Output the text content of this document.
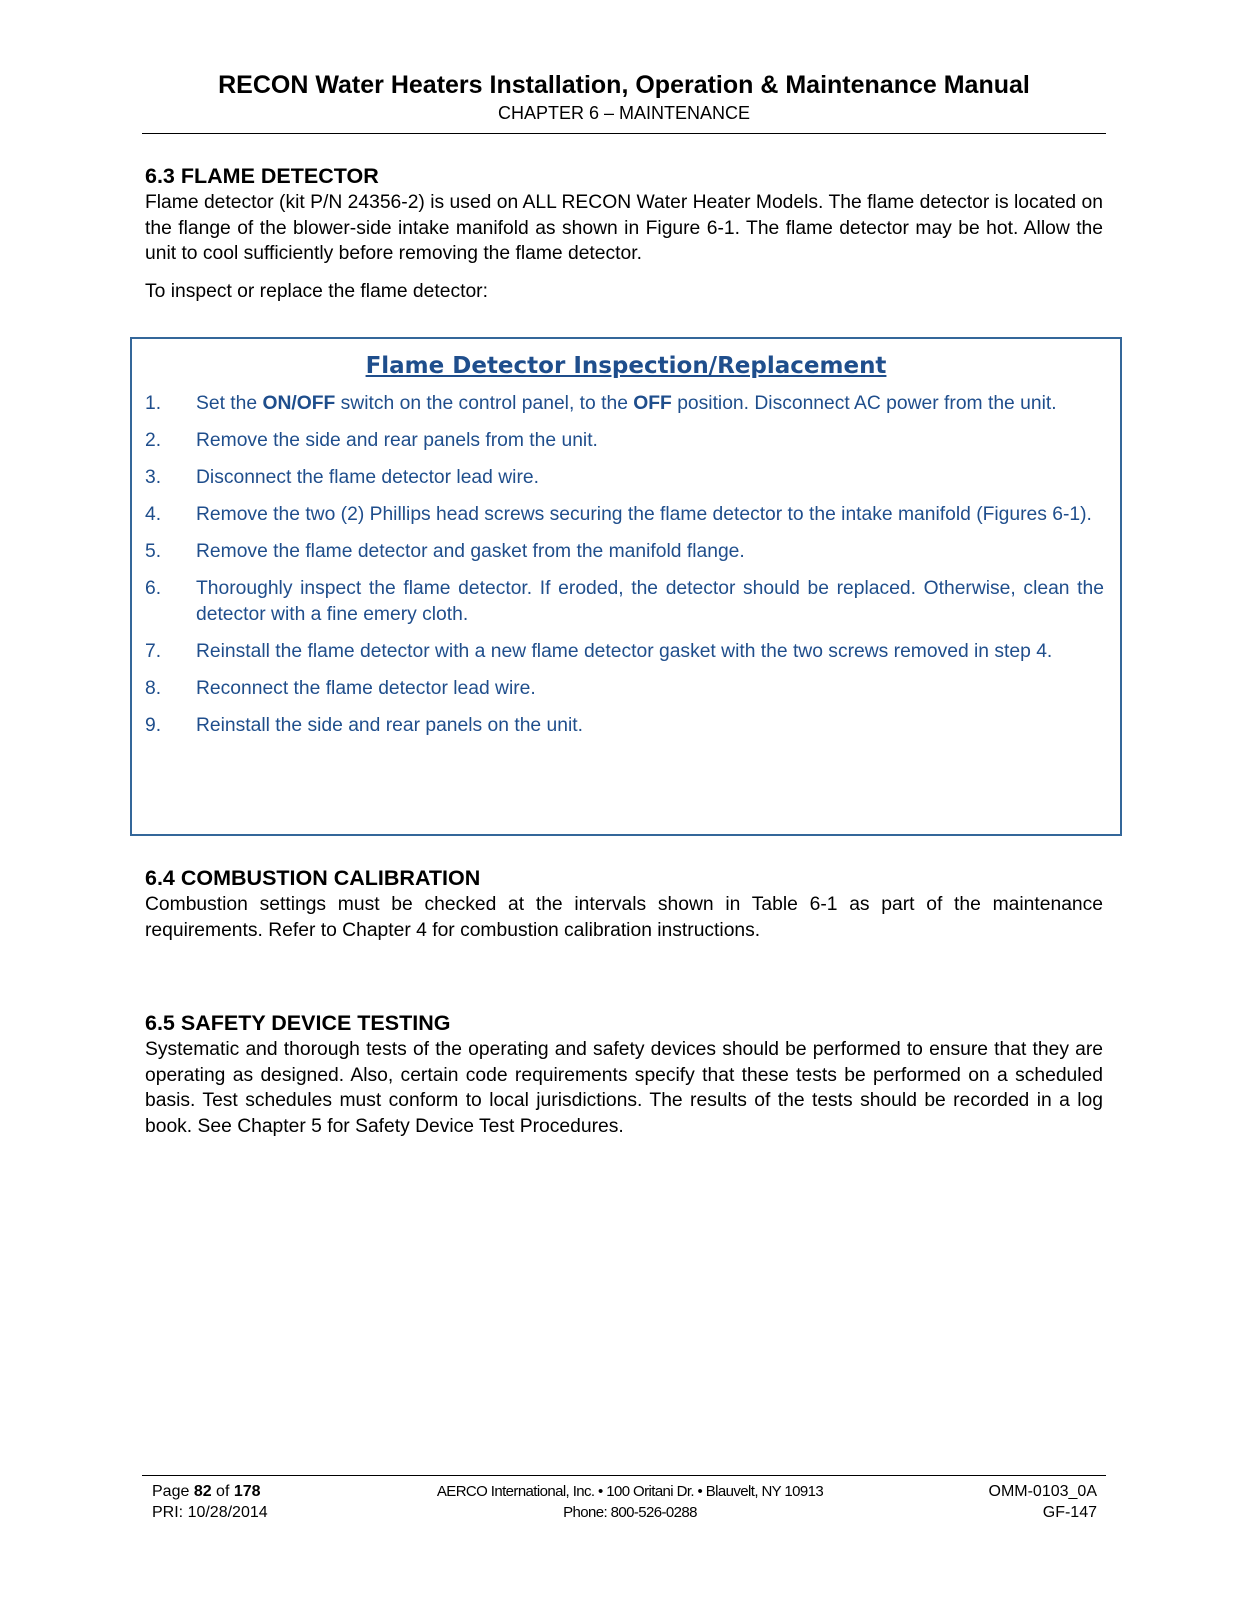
RECON Water Heaters Installation, Operation & Maintenance Manual
CHAPTER 6 – MAINTENANCE
6.3 FLAME DETECTOR

Flame detector (kit P/N 24356-2) is used on ALL RECON Water Heater Models. The flame detector is located on the flange of the blower-side intake manifold as shown in Figure 6-1. The flame detector may be hot. Allow the unit to cool sufficiently before removing the flame detector.

To inspect or replace the flame detector:

Flame Detector Inspection/Replacement
1. Set the ON/OFF switch on the control panel, to the OFF position. Disconnect AC power from the unit.
2. Remove the side and rear panels from the unit.
3. Disconnect the flame detector lead wire.
4. Remove the two (2) Phillips head screws securing the flame detector to the intake manifold (Figures 6-1).
5. Remove the flame detector and gasket from the manifold flange.
6. Thoroughly inspect the flame detector. If eroded, the detector should be replaced. Otherwise, clean the detector with a fine emery cloth.
7. Reinstall the flame detector with a new flame detector gasket with the two screws removed in step 4.
8. Reconnect the flame detector lead wire.
9. Reinstall the side and rear panels on the unit.
6.4 COMBUSTION CALIBRATION

Combustion settings must be checked at the intervals shown in Table 6-1 as part of the maintenance requirements. Refer to Chapter 4 for combustion calibration instructions.

6.5 SAFETY DEVICE TESTING

Systematic and thorough tests of the operating and safety devices should be performed to ensure that they are operating as designed. Also, certain code requirements specify that these tests be performed on a scheduled basis. Test schedules must conform to local jurisdictions. The results of the tests should be recorded in a log book. See Chapter 5 for Safety Device Test Procedures.

Page 82 of 178
PRI: 10/28/2014
AERCO International, Inc. • 100 Oritani Dr. • Blauvelt, NY 10913
Phone: 800-526-0288
OMM-0103_0A
GF-147
